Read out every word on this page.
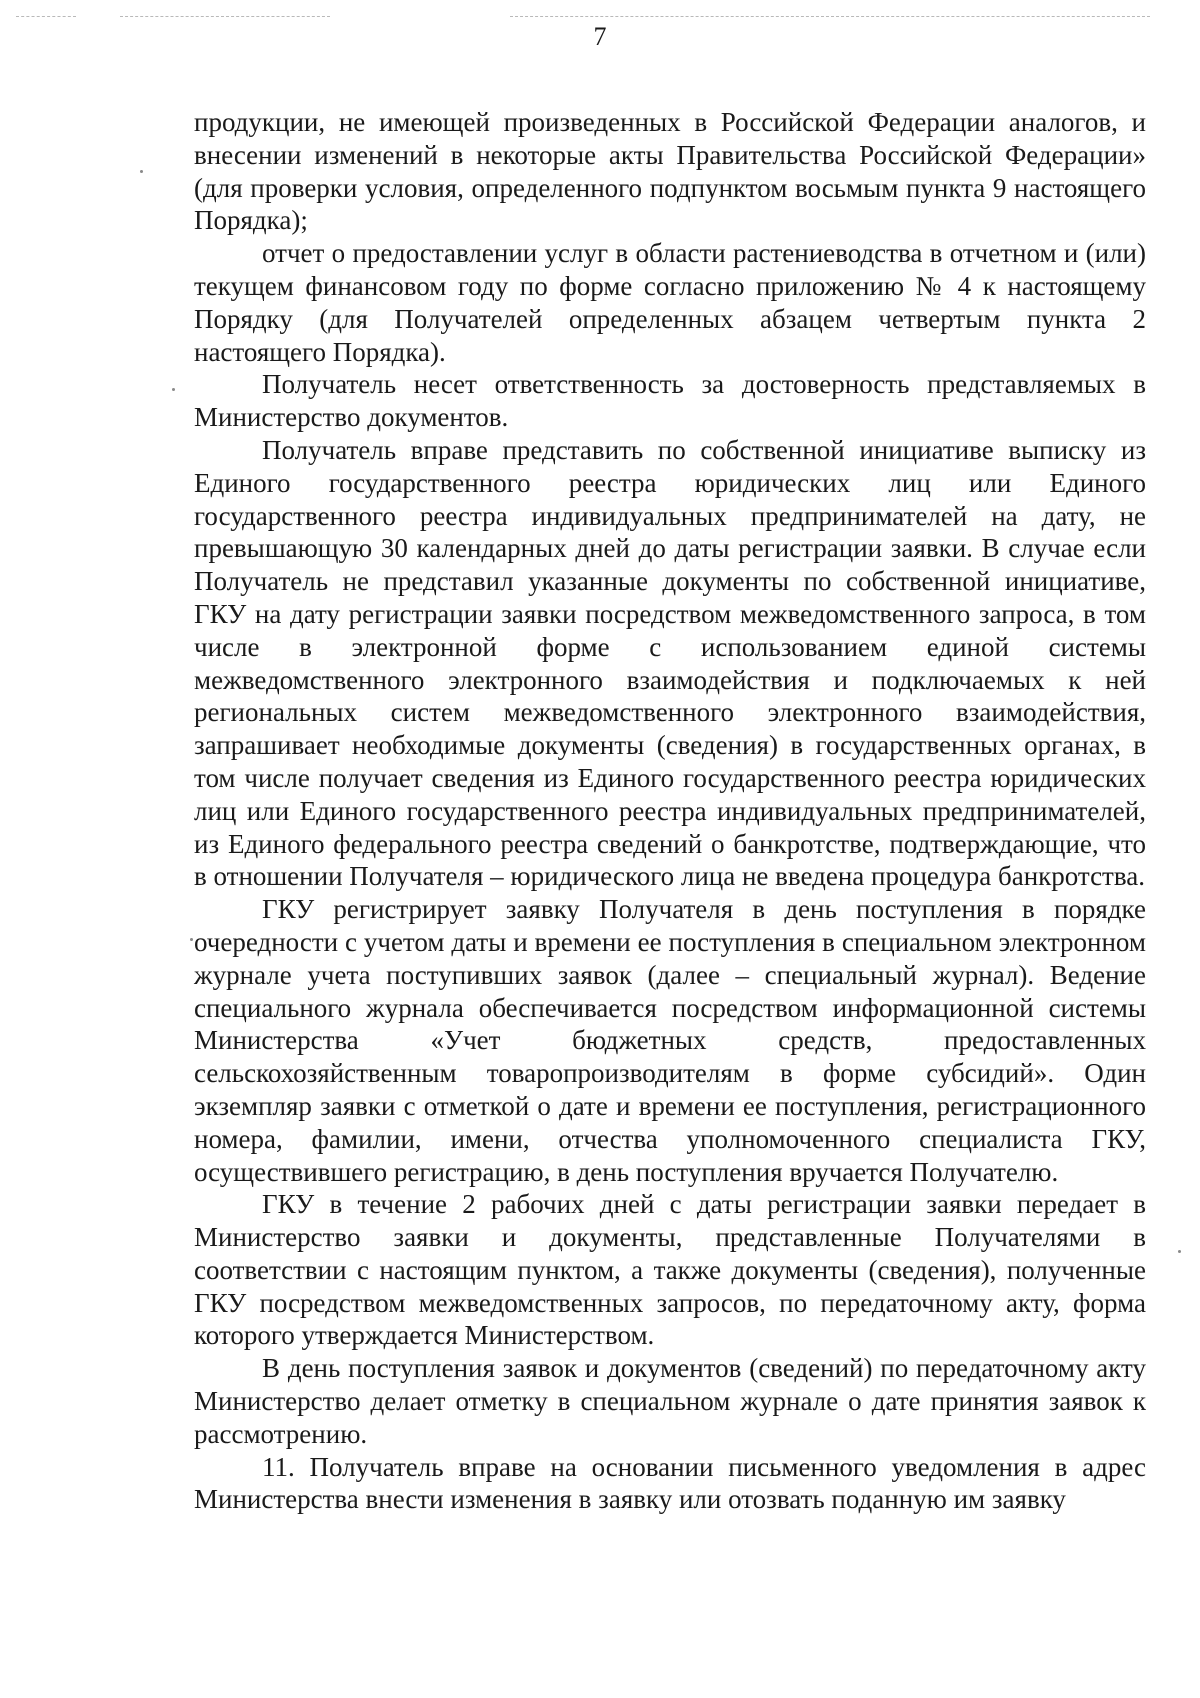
7

продукции, не имеющей произведенных в Российской Федерации аналогов, и внесении изменений в некоторые акты Правительства Российской Федерации» (для проверки условия, определенного подпунктом восьмым пункта 9 настоящего Порядка);

отчет о предоставлении услуг в области растениеводства в отчетном и (или) текущем финансовом году по форме согласно приложению № 4 к настоящему Порядку (для Получателей определенных абзацем четвертым пункта 2 настоящего Порядка).

Получатель несет ответственность за достоверность представляемых в Министерство документов.

Получатель вправе представить по собственной инициативе выписку из Единого государственного реестра юридических лиц или Единого государственного реестра индивидуальных предпринимателей на дату, не превышающую 30 календарных дней до даты регистрации заявки. В случае если Получатель не представил указанные документы по собственной инициативе, ГКУ на дату регистрации заявки посредством межведомственного запроса, в том числе в электронной форме с использованием единой системы межведомственного электронного взаимодействия и подключаемых к ней региональных систем межведомственного электронного взаимодействия, запрашивает необходимые документы (сведения) в государственных органах, в том числе получает сведения из Единого государственного реестра юридических лиц или Единого государственного реестра индивидуальных предпринимателей, из Единого федерального реестра сведений о банкротстве, подтверждающие, что в отношении Получателя – юридического лица не введена процедура банкротства.

ГКУ регистрирует заявку Получателя в день поступления в порядке очередности с учетом даты и времени ее поступления в специальном электронном журнале учета поступивших заявок (далее – специальный журнал). Ведение специального журнала обеспечивается посредством информационной системы Министерства «Учет бюджетных средств, предоставленных сельскохозяйственным товаропроизводителям в форме субсидий». Один экземпляр заявки с отметкой о дате и времени ее поступления, регистрационного номера, фамилии, имени, отчества уполномоченного специалиста ГКУ, осуществившего регистрацию, в день поступления вручается Получателю.

ГКУ в течение 2 рабочих дней с даты регистрации заявки передает в Министерство заявки и документы, представленные Получателями в соответствии с настоящим пунктом, а также документы (сведения), полученные ГКУ посредством межведомственных запросов, по передаточному акту, форма которого утверждается Министерством.

В день поступления заявок и документов (сведений) по передаточному акту Министерство делает отметку в специальном журнале о дате принятия заявок к рассмотрению.

11. Получатель вправе на основании письменного уведомления в адрес Министерства внести изменения в заявку или отозвать поданную им заявку
